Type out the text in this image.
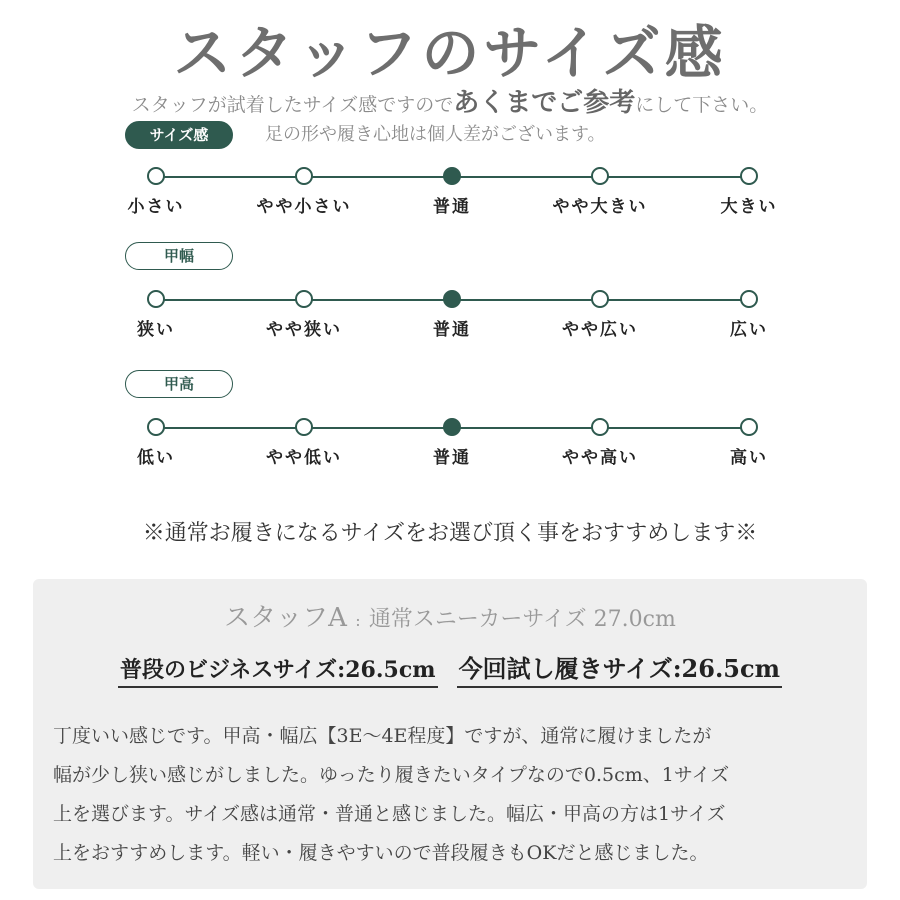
スタッフのサイズ感
スタッフが試着したサイズ感ですのであくまでご参考にして下さい。
足の形や履き心地は個人差がございます。
サイズ感
小さい	やや小さい	普通	やや大きい	大きい
甲幅
狭い	やや狭い	普通	やや広い	広い
甲高
低い	やや低い	普通	やや高い	高い
※通常お履きになるサイズをお選び頂く事をおすすめします※
スタッフA : 通常スニーカーサイズ 27.0cm
普段のビジネスサイズ:26.5cm 今回試し履きサイズ:26.5cm
丁度いい感じです。甲高・幅広【3E～4E程度】ですが、通常に履けましたが
幅が少し狭い感じがしました。ゆったり履きたいタイプなので0.5cm、1サイズ
上を選びます。サイズ感は通常・普通と感じました。幅広・甲高の方は1サイズ
上をおすすめします。軽い・履きやすいので普段履きもOKだと感じました。
